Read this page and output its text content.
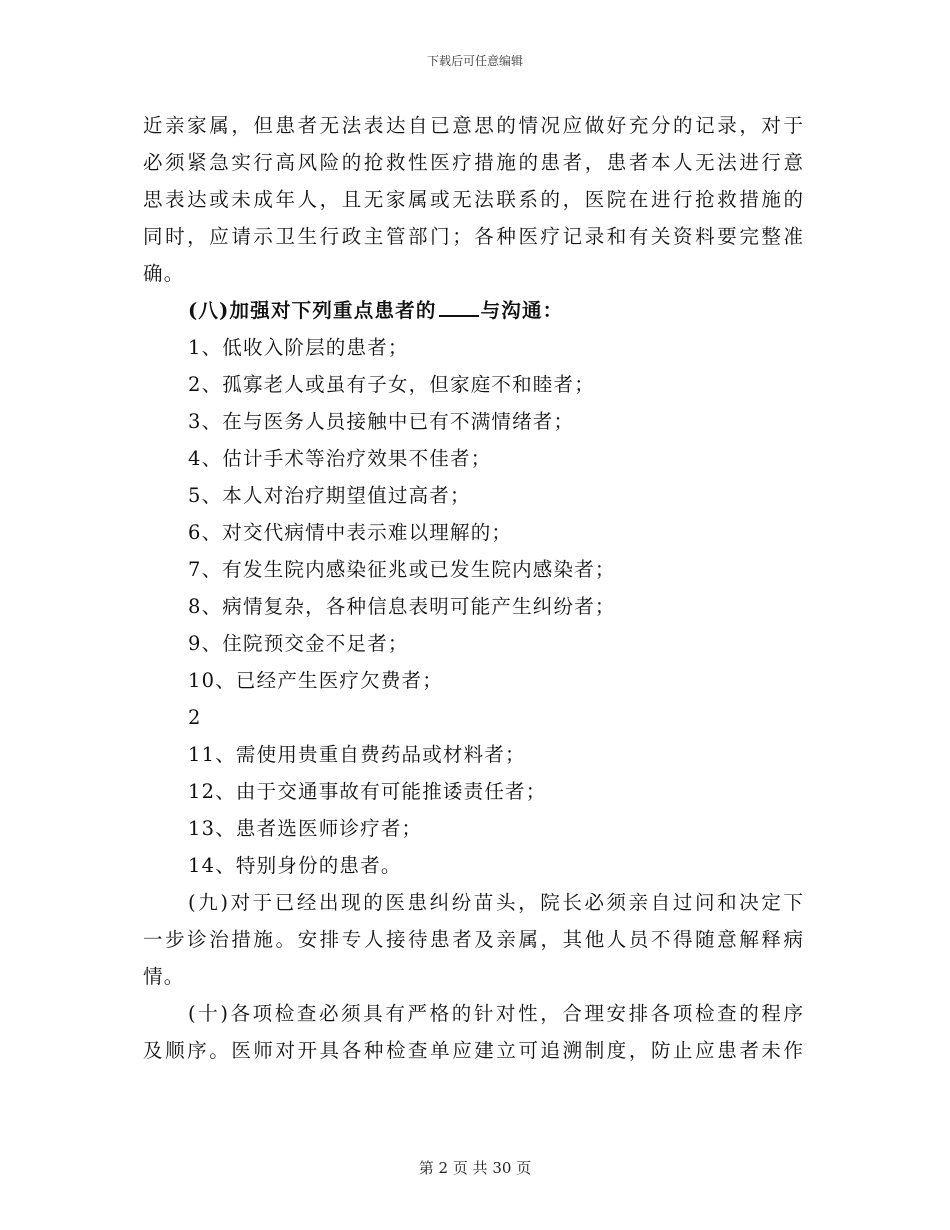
下载后可任意编辑
近亲家属，但患者无法表达自已意思的情况应做好充分的记录，对于
必须紧急实行高风险的抢救性医疗措施的患者，患者本人无法进行意
思表达或未成年人，且无家属或无法联系的，医院在进行抢救措施的
同时，应请示卫生行政主管部门；各种医疗记录和有关资料要完整准
确。
(八)加强对下列重点患者的 与沟通：
1、低收入阶层的患者；
2、孤寡老人或虽有子女，但家庭不和睦者；
3、在与医务人员接触中已有不满情绪者；
4、估计手术等治疗效果不佳者；
5、本人对治疗期望值过高者；
6、对交代病情中表示难以理解的；
7、有发生院内感染征兆或已发生院内感染者；
8、病情复杂，各种信息表明可能产生纠纷者；
9、住院预交金不足者；
10、已经产生医疗欠费者；
2
11、需使用贵重自费药品或材料者；
12、由于交通事故有可能推诿责任者；
13、患者选医师诊疗者；
14、特别身份的患者。
(九)对于已经出现的医患纠纷苗头，院长必须亲自过问和决定下
一步诊治措施。安排专人接待患者及亲属，其他人员不得随意解释病
情。
(十)各项检查必须具有严格的针对性，合理安排各项检查的程序
及顺序。医师对开具各种检查单应建立可追溯制度，防止应患者未作
第 2 页 共 30 页
